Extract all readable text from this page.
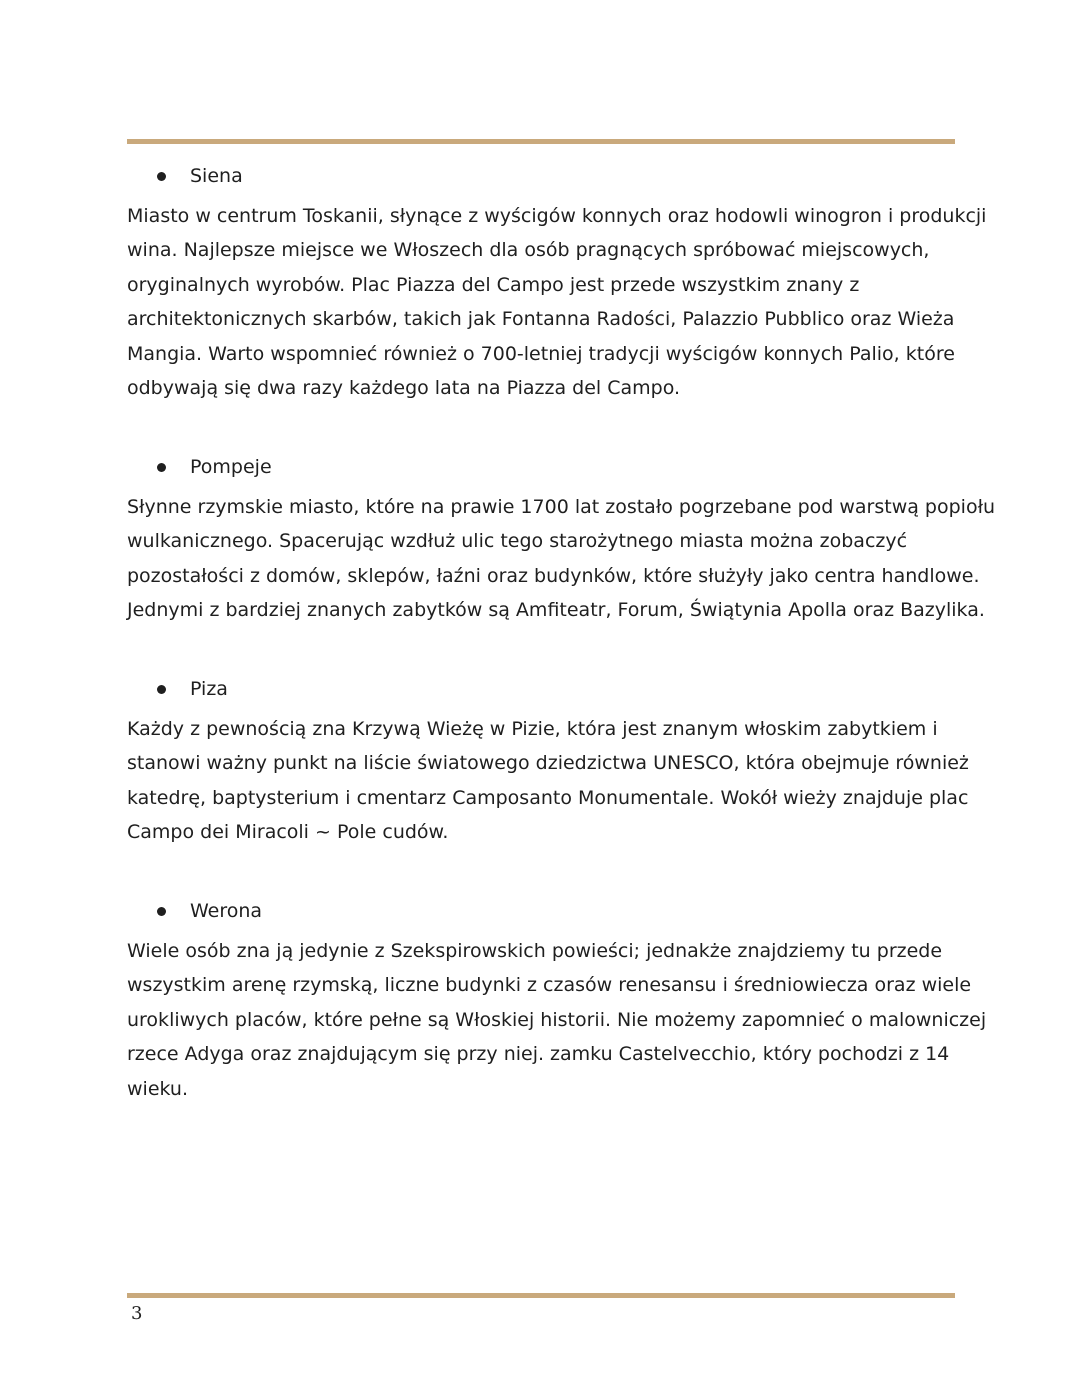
Siena
Miasto w centrum Toskanii, słynące z wyścigów konnych oraz hodowli winogron i produkcji
wina. Najlepsze miejsce we Włoszech dla osób pragnących spróbować miejscowych,
oryginalnych wyrobów. Plac Piazza del Campo jest przede wszystkim znany z
architektonicznych skarbów, takich jak Fontanna Radości, Palazzio Pubblico oraz Wieża
Mangia. Warto wspomnieć również o 700-letniej tradycji wyścigów konnych Palio, które
odbywają się dwa razy każdego lata na Piazza del Campo.
Pompeje
Słynne rzymskie miasto, które na prawie 1700 lat zostało pogrzebane pod warstwą popiołu
wulkanicznego. Spacerując wzdłuż ulic tego starożytnego miasta można zobaczyć
pozostałości z domów, sklepów, łaźni oraz budynków, które służyły jako centra handlowe.
Jednymi z bardziej znanych zabytków są Amfiteatr, Forum, Świątynia Apolla oraz Bazylika.
Piza
Każdy z pewnością zna Krzywą Wieżę w Pizie, która jest znanym włoskim zabytkiem i
stanowi ważny punkt na liście światowego dziedzictwa UNESCO, która obejmuje również
katedrę, baptysterium i cmentarz Camposanto Monumentale. Wokół wieży znajduje plac
Campo dei Miracoli ~ Pole cudów.
Werona
Wiele osób zna ją jedynie z Szekspirowskich powieści; jednakże znajdziemy tu przede
wszystkim arenę rzymską, liczne budynki z czasów renesansu i średniowiecza oraz wiele
urokliwych placów, które pełne są Włoskiej historii. Nie możemy zapomnieć o malowniczej
rzece Adyga oraz znajdującym się przy niej. zamku Castelvecchio, który pochodzi z 14
wieku.
3
